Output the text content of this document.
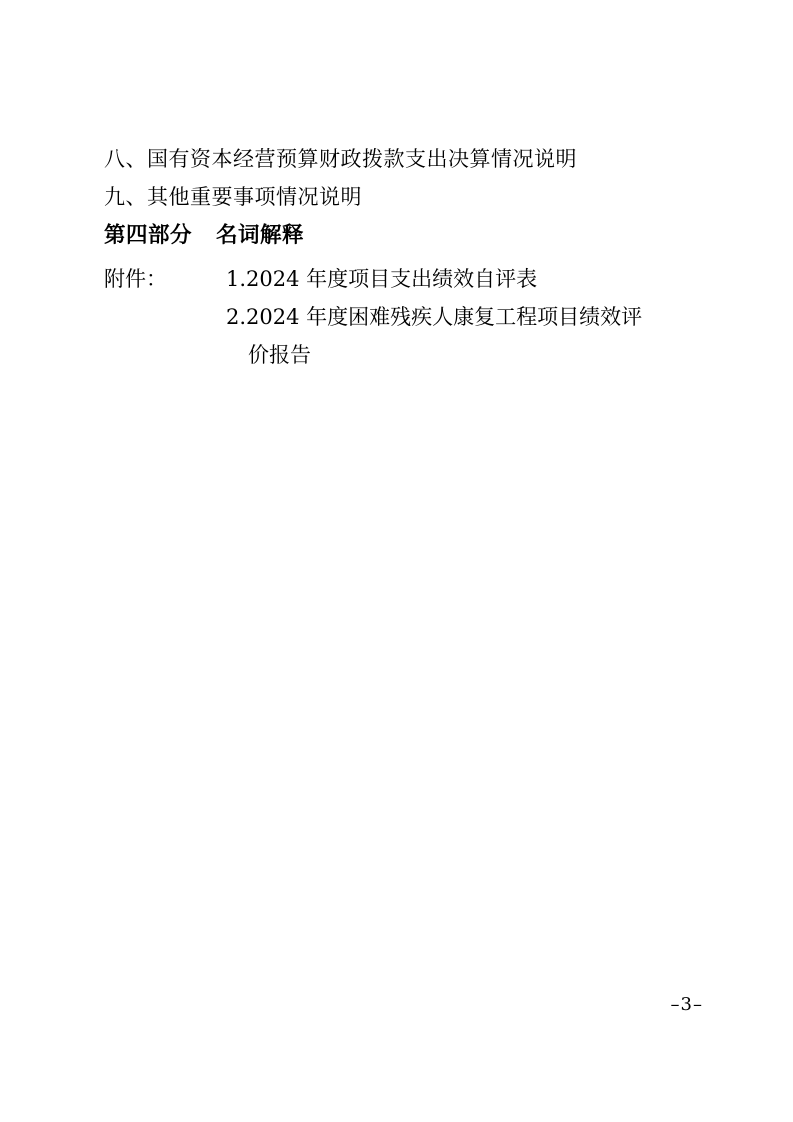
八、国有资本经营预算财政拨款支出决算情况说明
九、其他重要事项情况说明
第四部分 名词解释
附件：	1.2024 年度项目支出绩效自评表
2.2024 年度困难残疾人康复工程项目绩效评
价报告
–3–
